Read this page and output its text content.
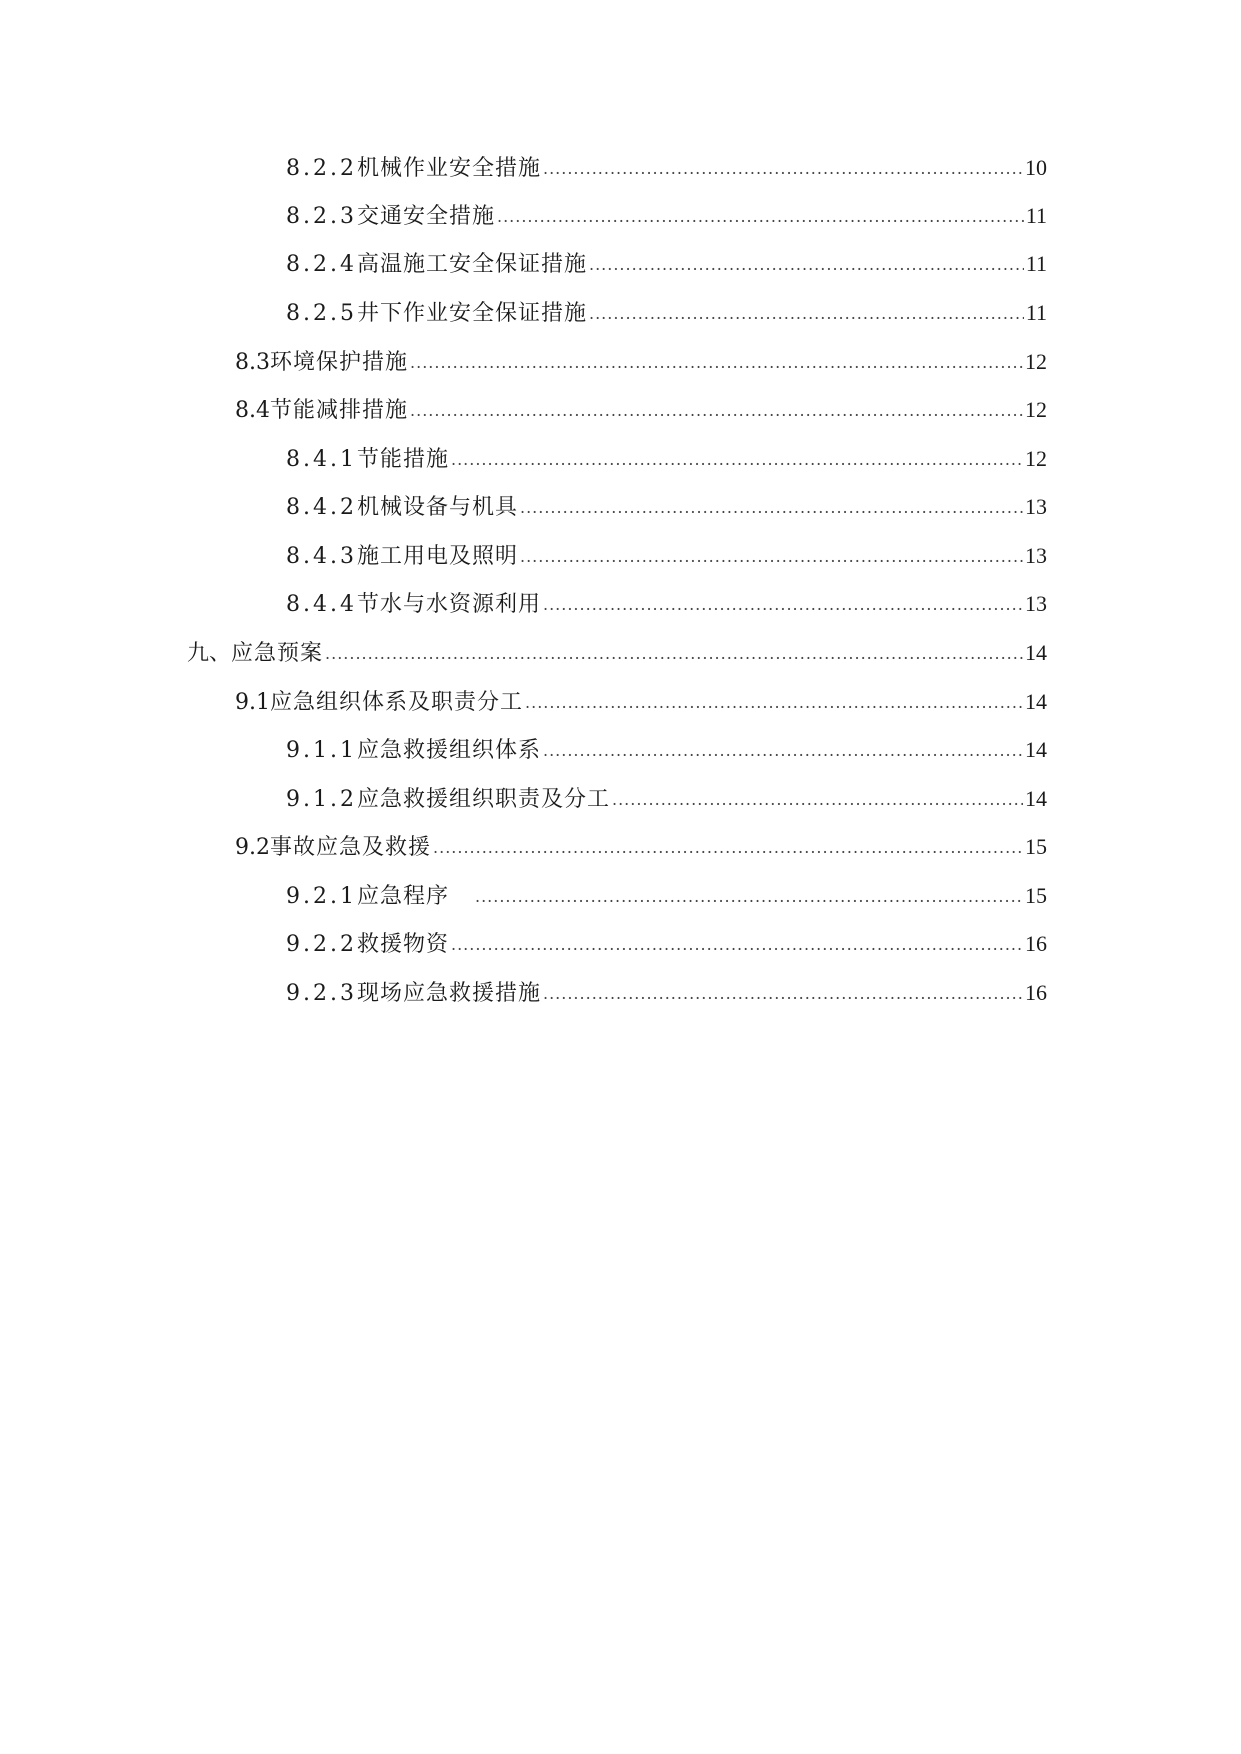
8.2.2 机械作业安全措施 .....	10
8.2.3 交通安全措施 .....	11
8.2.4 高温施工安全保证措施 .....	11
8.2.5 井下作业安全保证措施 .....	11
8.3 环境保护措施 .....	12
8.4 节能减排措施 .....	12
8.4.1 节能措施 .....	12
8.4.2 机械设备与机具 .....	13
8.4.3 施工用电及照明 .....	13
8.4.4 节水与水资源利用 .....	13
九、 应急预案 .....	14
9.1 应急组织体系及职责分工 .....	14
9.1.1 应急救援组织体系 .....	14
9.1.2 应急救援组织职责及分工 .....	14
9.2 事故应急及救援 .....	15
9.2.1 应急程序 .....	15
9.2.2 救援物资 .....	16
9.2.3 现场应急救援措施 .....	16
